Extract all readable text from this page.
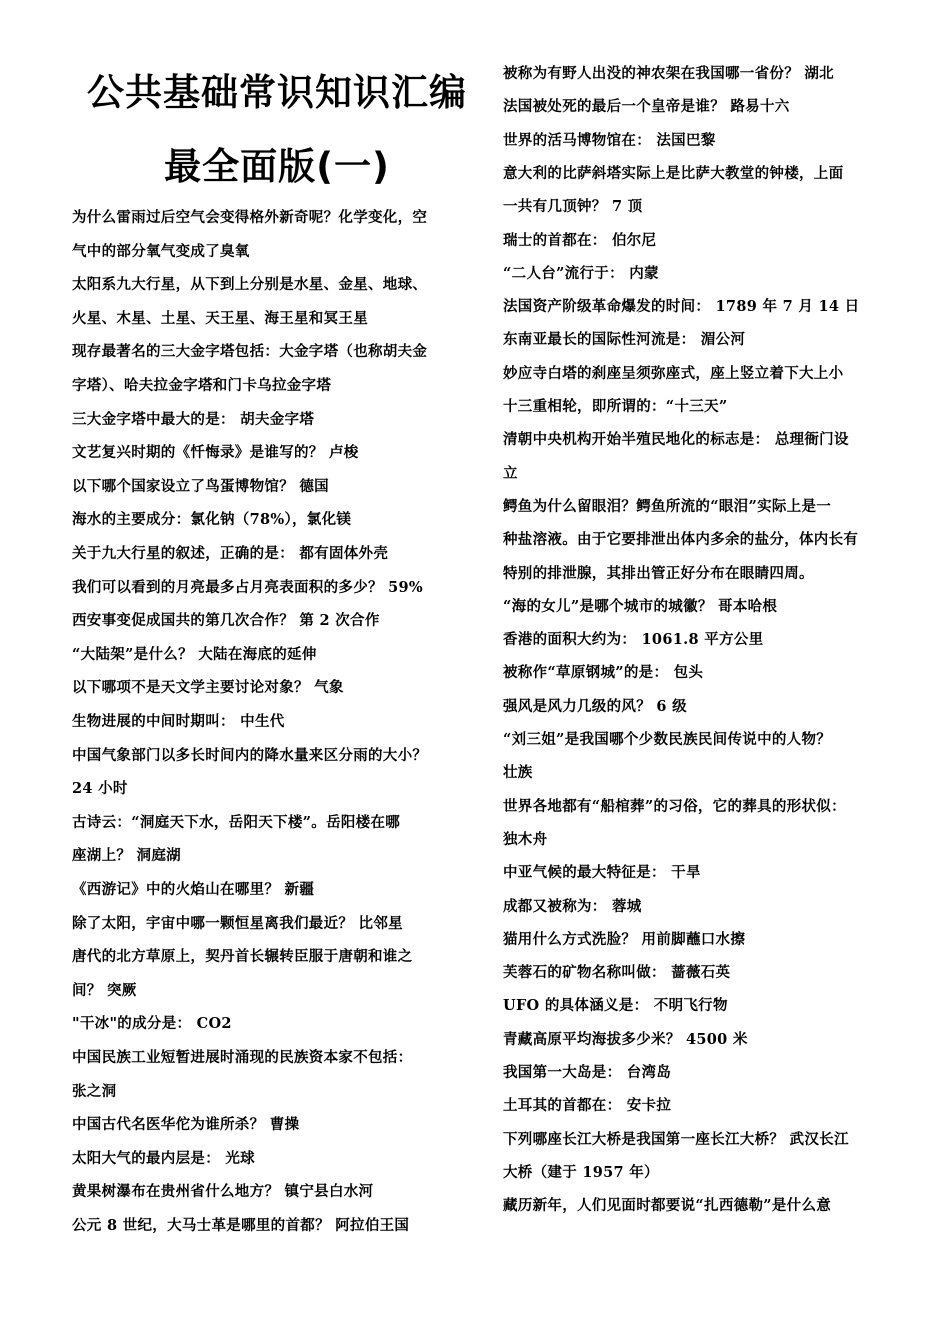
公共基础常识知识汇编
最全面版(一)
为什么雷雨过后空气会变得格外新奇呢？化学变化，空
气中的部分氧气变成了臭氧
太阳系九大行星，从下到上分别是水星、金星、地球、
火星、木星、土星、天王星、海王星和冥王星
现存最著名的三大金字塔包括：大金字塔（也称胡夫金
字塔）、哈夫拉金字塔和门卡乌拉金字塔
三大金字塔中最大的是： 胡夫金字塔
文艺复兴时期的《忏悔录》是谁写的？ 卢梭
以下哪个国家设立了鸟蛋博物馆？ 德国
海水的主要成分：氯化钠（78%），氯化镁
关于九大行星的叙述，正确的是： 都有固体外壳
我们可以看到的月亮最多占月亮表面积的多少？ 59%
西安事变促成国共的第几次合作？ 第 2 次合作
“大陆架”是什么？ 大陆在海底的延伸
以下哪项不是天文学主要讨论对象？ 气象
生物进展的中间时期叫： 中生代
中国气象部门以多长时间内的降水量来区分雨的大小？
24 小时
古诗云：“洞庭天下水，岳阳天下楼”。岳阳楼在哪
座湖上？ 洞庭湖
《西游记》中的火焰山在哪里？ 新疆
除了太阳，宇宙中哪一颗恒星离我们最近？ 比邻星
唐代的北方草原上，契丹首长辗转臣服于唐朝和谁之
间？ 突厥
"干冰"的成分是： CO2
中国民族工业短暂进展时涌现的民族资本家不包括：
张之洞
中国古代名医华佗为谁所杀？ 曹操
太阳大气的最内层是： 光球
黄果树瀑布在贵州省什么地方？ 镇宁县白水河
公元 8 世纪，大马士革是哪里的首都？ 阿拉伯王国
被称为有野人出没的神农架在我国哪一省份？ 湖北
法国被处死的最后一个皇帝是谁？ 路易十六
世界的活马博物馆在： 法国巴黎
意大利的比萨斜塔实际上是比萨大教堂的钟楼，上面
一共有几顶钟？ 7 顶
瑞士的首都在： 伯尔尼
“二人台”流行于： 内蒙
法国资产阶级革命爆发的时间： 1789 年 7 月 14 日
东南亚最长的国际性河流是： 湄公河
妙应寺白塔的刹座呈须弥座式，座上竖立着下大上小
十三重相轮，即所谓的：“十三天”
清朝中央机构开始半殖民地化的标志是： 总理衙门设
立
鳄鱼为什么留眼泪？鳄鱼所流的“眼泪”实际上是一
种盐溶液。由于它要排泄出体内多余的盐分，体内长有
特别的排泄腺，其排出管正好分布在眼睛四周。
“海的女儿”是哪个城市的城徽？ 哥本哈根
香港的面积大约为： 1061.8 平方公里
被称作“草原钢城”的是： 包头
强风是风力几级的风？ 6 级
“刘三姐”是我国哪个少数民族民间传说中的人物？
壮族
世界各地都有“船棺葬”的习俗，它的葬具的形状似：
独木舟
中亚气候的最大特征是： 干旱
成都又被称为： 蓉城
猫用什么方式洗脸？ 用前脚蘸口水擦
芙蓉石的矿物名称叫做： 蔷薇石英
UFO 的具体涵义是： 不明飞行物
青藏高原平均海拔多少米？ 4500 米
我国第一大岛是： 台湾岛
土耳其的首都在： 安卡拉
下列哪座长江大桥是我国第一座长江大桥？ 武汉长江
大桥（建于 1957 年）
藏历新年，人们见面时都要说“扎西德勒”是什么意
